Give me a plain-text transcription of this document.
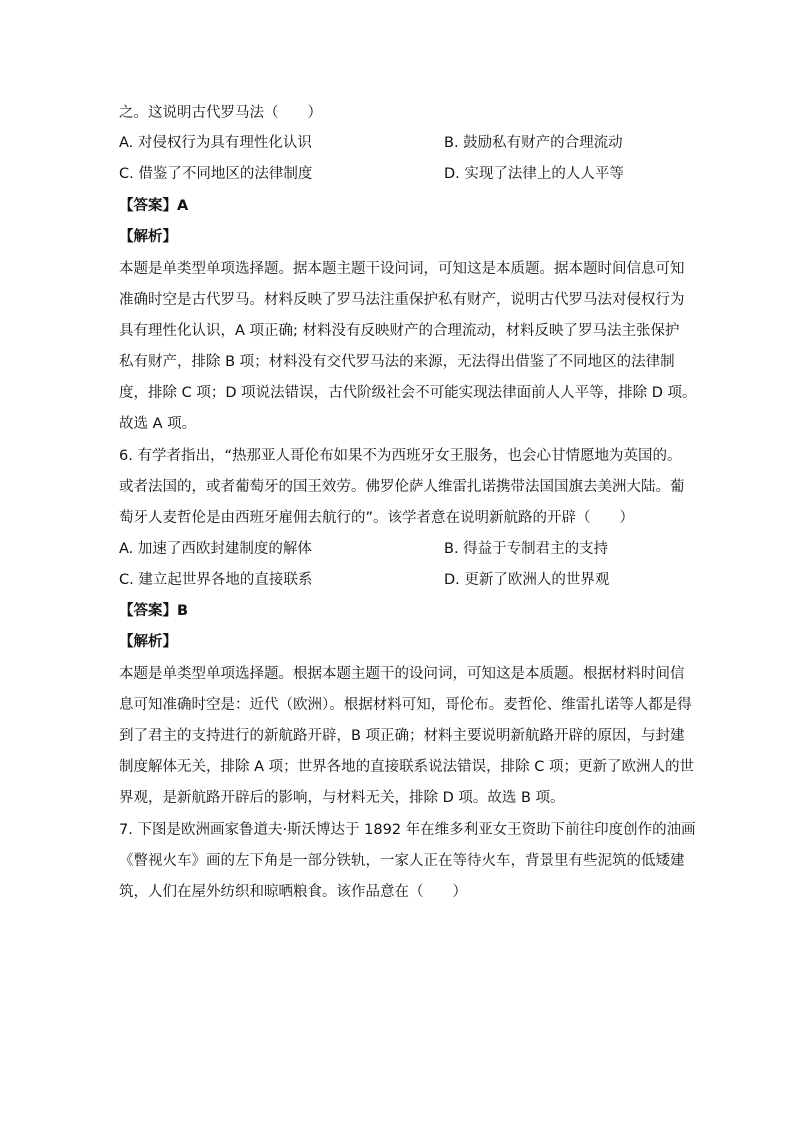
之。这说明古代罗马法（　　）
A. 对侵权行为具有理性化认识	B. 鼓励私有财产的合理流动
C. 借鉴了不同地区的法律制度	D. 实现了法律上的人人平等
【答案】A
【解析】
本题是单类型单项选择题。据本题主题干设问词，可知这是本质题。据本题时间信息可知
准确时空是古代罗马。材料反映了罗马法注重保护私有财产，说明古代罗马法对侵权行为
具有理性化认识，A 项正确; 材料没有反映财产的合理流动，材料反映了罗马法主张保护
私有财产，排除 B 项；材料没有交代罗马法的来源，无法得出借鉴了不同地区的法律制
度，排除 C 项；D 项说法错误，古代阶级社会不可能实现法律面前人人平等，排除 D 项。
故选 A 项。
6. 有学者指出，“热那亚人哥伦布如果不为西班牙女王服务，也会心甘情愿地为英国的。
或者法国的，或者葡萄牙的国王效劳。佛罗伦萨人维雷扎诺携带法国国旗去美洲大陆。葡
萄牙人麦哲伦是由西班牙雇佣去航行的”。该学者意在说明新航路的开辟（　　）
A. 加速了西欧封建制度的解体	B. 得益于专制君主的支持
C. 建立起世界各地的直接联系	D. 更新了欧洲人的世界观
【答案】B
【解析】
本题是单类型单项选择题。根据本题主题干的设问词，可知这是本质题。根据材料时间信
息可知准确时空是：近代（欧洲）。根据材料可知，哥伦布。麦哲伦、维雷扎诺等人都是得
到了君主的支持进行的新航路开辟，B 项正确；材料主要说明新航路开辟的原因，与封建
制度解体无关，排除 A 项；世界各地的直接联系说法错误，排除 C 项；更新了欧洲人的世
界观，是新航路开辟后的影响，与材料无关，排除 D 项。故选 B 项。
7. 下图是欧洲画家鲁道夫·斯沃博达于 1892 年在维多利亚女王资助下前往印度创作的油画
《瞥视火车》画的左下角是一部分铁轨，一家人正在等待火车，背景里有些泥筑的低矮建
筑，人们在屋外纺织和晾晒粮食。该作品意在（　　）
